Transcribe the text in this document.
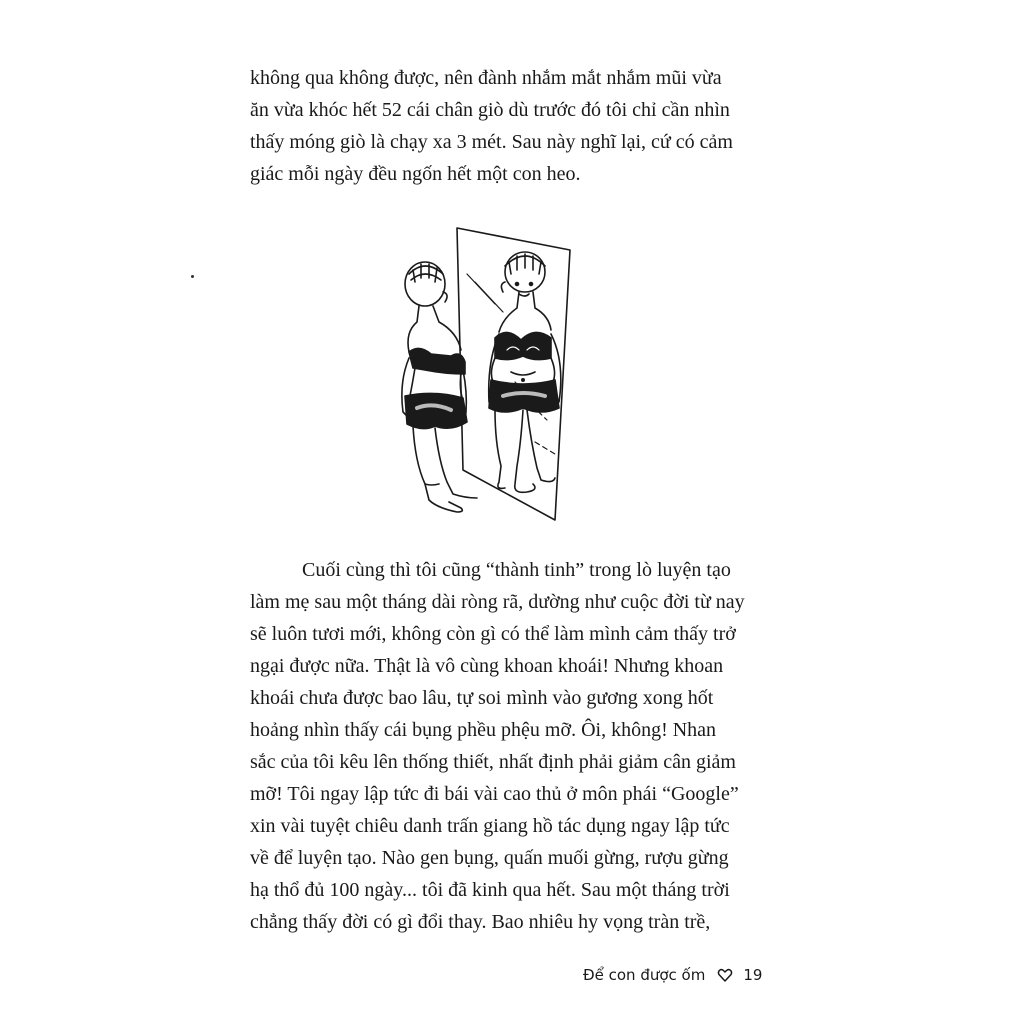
không qua không được, nên đành nhắm mắt nhắm mũi vừa
ăn vừa khóc hết 52 cái chân giò dù trước đó tôi chỉ cần nhìn
thấy móng giò là chạy xa 3 mét. Sau này nghĩ lại, cứ có cảm
giác mỗi ngày đều ngốn hết một con heo.
Cuối cùng thì tôi cũng “thành tinh” trong lò luyện tạo
làm mẹ sau một tháng dài ròng rã, dường như cuộc đời từ nay
sẽ luôn tươi mới, không còn gì có thể làm mình cảm thấy trở
ngại được nữa. Thật là vô cùng khoan khoái! Nhưng khoan
khoái chưa được bao lâu, tự soi mình vào gương xong hốt
hoảng nhìn thấy cái bụng phều phệu mỡ. Ôi, không! Nhan
sắc của tôi kêu lên thống thiết, nhất định phải giảm cân giảm
mỡ! Tôi ngay lập tức đi bái vài cao thủ ở môn phái “Google”
xin vài tuyệt chiêu danh trấn giang hồ tác dụng ngay lập tức
về để luyện tạo. Nào gen bụng, quấn muối gừng, rượu gừng
hạ thổ đủ 100 ngày... tôi đã kinh qua hết. Sau một tháng trời
chẳng thấy đời có gì đổi thay. Bao nhiêu hy vọng tràn trề,
Để con được ốm	19
